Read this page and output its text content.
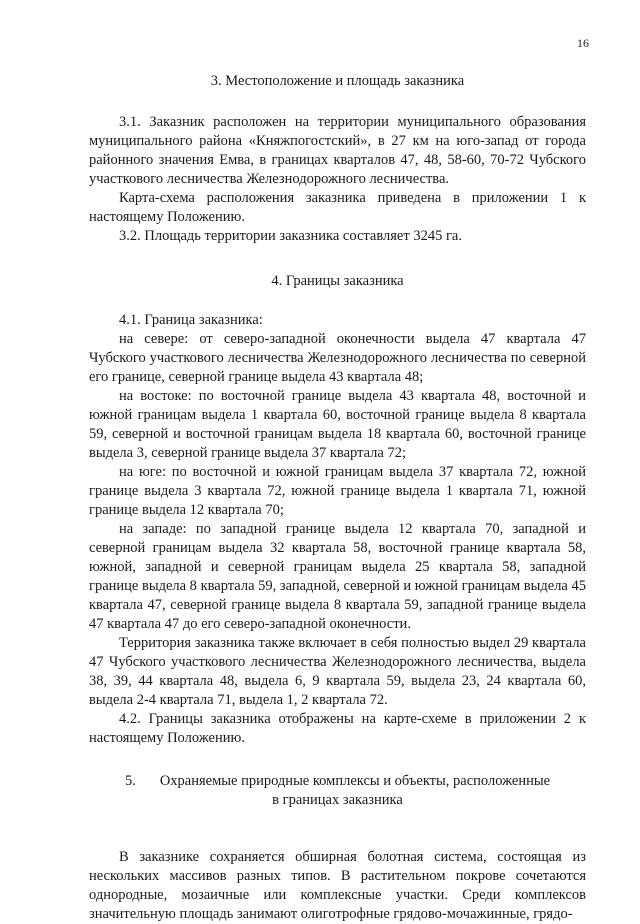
16

3. Местоположение и площадь заказника

3.1. Заказник расположен на территории муниципального образования муниципального района «Княжпогостский», в 27 км на юго-запад от города районного значения Емва, в границах кварталов 47, 48, 58-60, 70-72 Чубского участкового лесничества Железнодорожного лесничества.

Карта-схема расположения заказника приведена в приложении 1 к настоящему Положению.

3.2. Площадь территории заказника составляет 3245 га.

4. Границы заказника

4.1. Граница заказника:

на севере: от северо-западной оконечности выдела 47 квартала 47 Чубского участкового лесничества Железнодорожного лесничества по северной его границе, северной границе выдела 43 квартала 48;

на востоке: по восточной границе выдела 43 квартала 48, восточной и южной границам выдела 1 квартала 60, восточной границе выдела 8 квартала 59, северной и восточной границам выдела 18 квартала 60, восточной границе выдела 3, северной границе выдела 37 квартала 72;

на юге: по восточной и южной границам выдела 37 квартала 72, южной границе выдела 3 квартала 72, южной границе выдела 1 квартала 71, южной границе выдела 12 квартала 70;

на западе: по западной границе выдела 12 квартала 70, западной и северной границам выдела 32 квартала 58, восточной границе квартала 58, южной, западной и северной границам выдела 25 квартала 58, западной границе выдела 8 квартала 59, западной, северной и южной границам выдела 45 квартала 47, северной границе выдела 8 квартала 59, западной границе выдела 47 квартала 47 до его северо-западной оконечности.

Территория заказника также включает в себя полностью выдел 29 квартала 47 Чубского участкового лесничества Железнодорожного лесничества, выдела 38, 39, 44 квартала 48, выдела 6, 9 квартала 59, выдела 23, 24 квартала 60, выдела 2-4 квартала 71, выдела 1, 2 квартала 72.

4.2. Границы заказника отображены на карте-схеме в приложении 2 к настоящему Положению.

5. Охраняемые природные комплексы и объекты, расположенные
в границах заказника

В заказнике сохраняется обширная болотная система, состоящая из нескольких массивов разных типов. В растительном покрове сочетаются однородные, мозаичные или комплексные участки. Среди комплексов значительную площадь занимают олиготрофные грядово-мочажинные, грядо-
